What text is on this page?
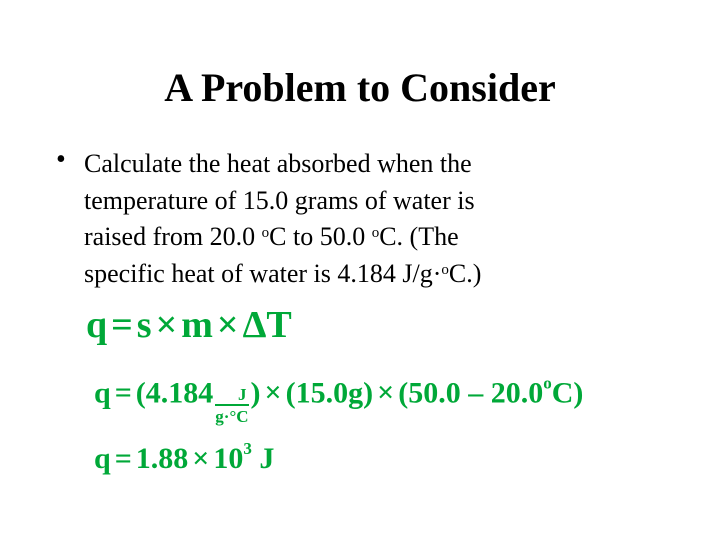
A Problem to Consider
• Calculate the heat absorbed when the
temperature of 15.0 grams of water is
raised from 20.0 $^o$C to 50.0 $^o$C. (The
specific heat of water is 4.184 J/g·$^o$C.)
q = s × m × ΔT
$q = (4.184 \frac{J}{g\cdot^\circ C}$ ) × (15.0g) × (50.0 – 20.0$^o$C)
$q = 1.88 \times 10^3$ J
